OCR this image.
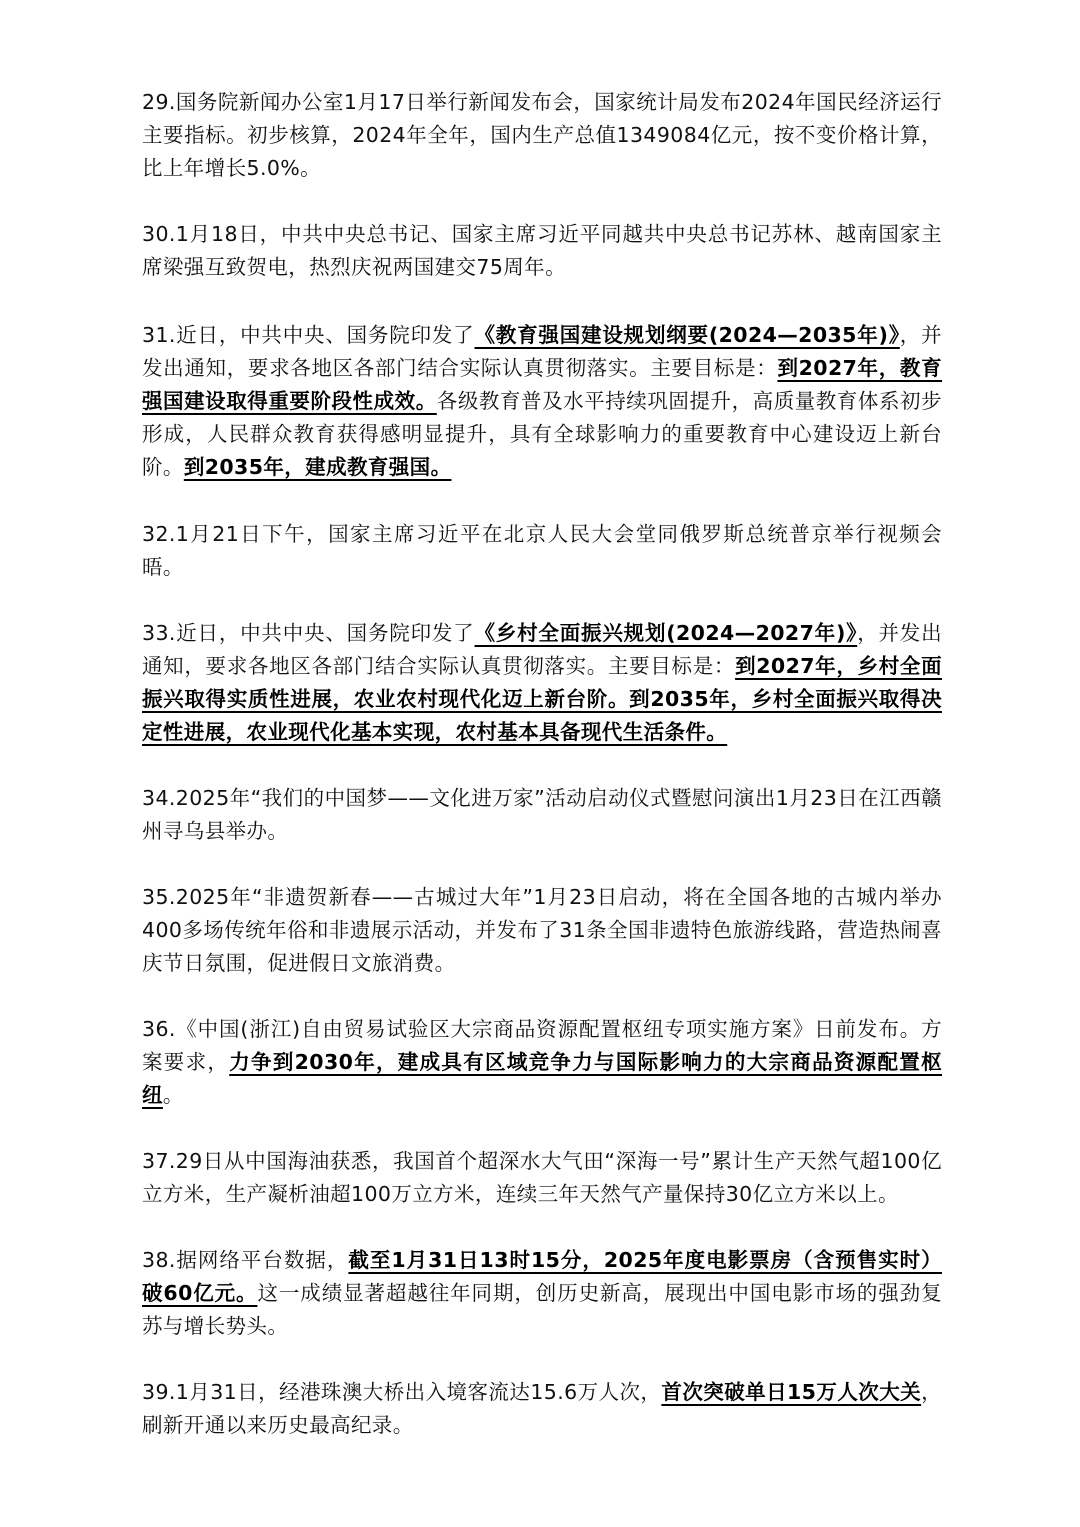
29.国务院新闻办公室1月17日举行新闻发布会，国家统计局发布2024年国民经济运行主要指标。初步核算，2024年全年，国内生产总值1349084亿元，按不变价格计算，比上年增长5.0%。

30.1月18日，中共中央总书记、国家主席习近平同越共中央总书记苏林、越南国家主席梁强互致贺电，热烈庆祝两国建交75周年。

31.近日，中共中央、国务院印发了《教育强国建设规划纲要(2024—2035年)》，并发出通知，要求各地区各部门结合实际认真贯彻落实。主要目标是：到2027年，教育强国建设取得重要阶段性成效。各级教育普及水平持续巩固提升，高质量教育体系初步形成，人民群众教育获得感明显提升，具有全球影响力的重要教育中心建设迈上新台阶。到2035年，建成教育强国。

32.1月21日下午，国家主席习近平在北京人民大会堂同俄罗斯总统普京举行视频会晤。

33.近日，中共中央、国务院印发了《乡村全面振兴规划(2024—2027年)》，并发出通知，要求各地区各部门结合实际认真贯彻落实。主要目标是：到2027年，乡村全面振兴取得实质性进展，农业农村现代化迈上新台阶。到2035年，乡村全面振兴取得决定性进展，农业现代化基本实现，农村基本具备现代生活条件。

34.2025年“我们的中国梦——文化进万家”活动启动仪式暨慰问演出1月23日在江西赣州寻乌县举办。

35.2025年“非遗贺新春——古城过大年”1月23日启动，将在全国各地的古城内举办400多场传统年俗和非遗展示活动，并发布了31条全国非遗特色旅游线路，营造热闹喜庆节日氛围，促进假日文旅消费。

36.《中国(浙江)自由贸易试验区大宗商品资源配置枢纽专项实施方案》日前发布。方案要求，力争到2030年，建成具有区域竞争力与国际影响力的大宗商品资源配置枢纽。

37.29日从中国海油获悉，我国首个超深水大气田“深海一号”累计生产天然气超100亿立方米，生产凝析油超100万立方米，连续三年天然气产量保持30亿立方米以上。

38.据网络平台数据，截至1月31日13时15分，2025年度电影票房（含预售实时）破60亿元。这一成绩显著超越往年同期，创历史新高，展现出中国电影市场的强劲复苏与增长势头。

39.1月31日，经港珠澳大桥出入境客流达15.6万人次，首次突破单日15万人次大关，刷新开通以来历史最高纪录。
